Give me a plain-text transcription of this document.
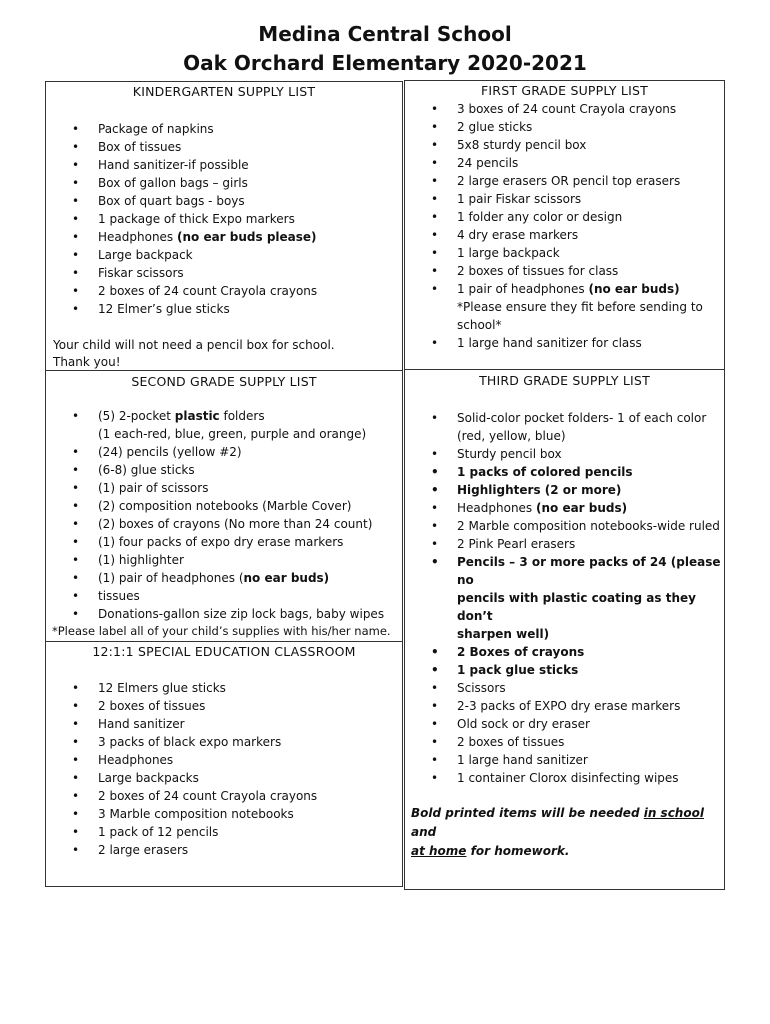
Medina Central School
Oak Orchard Elementary 2020-2021
KINDERGARTEN SUPPLY LIST
• Package of napkins
• Box of tissues
• Hand sanitizer-if possible
• Box of gallon bags – girls
• Box of quart bags - boys
• 1 package of thick Expo markers
• Headphones (no ear buds please)
• Large backpack
• Fiskar scissors
• 2 boxes of 24 count Crayola crayons
• 12 Elmer’s glue sticks
Your child will not need a pencil box for school.
Thank you!
FIRST GRADE SUPPLY LIST
• 3 boxes of 24 count Crayola crayons
• 2 glue sticks
• 5x8 sturdy pencil box
• 24 pencils
• 2 large erasers OR pencil top erasers
• 1 pair Fiskar scissors
• 1 folder any color or design
• 4 dry erase markers
• 1 large backpack
• 2 boxes of tissues for class
• 1 pair of headphones (no ear buds)
*Please ensure they fit before sending to
school*
• 1 large hand sanitizer for class
SECOND GRADE SUPPLY LIST
• (5) 2-pocket plastic folders
(1 each-red, blue, green, purple and orange)
• (24) pencils (yellow #2)
• (6-8) glue sticks
• (1) pair of scissors
• (2) composition notebooks (Marble Cover)
• (2) boxes of crayons (No more than 24 count)
• (1) four packs of expo dry erase markers
• (1) highlighter
• (1) pair of headphones (no ear buds)
• tissues
• Donations-gallon size zip lock bags, baby wipes
*Please label all of your child’s supplies with his/her name.
12:1:1 SPECIAL EDUCATION CLASSROOM
• 12 Elmers glue sticks
• 2 boxes of tissues
• Hand sanitizer
• 3 packs of black expo markers
• Headphones
• Large backpacks
• 2 boxes of 24 count Crayola crayons
• 3 Marble composition notebooks
• 1 pack of 12 pencils
• 2 large erasers
THIRD GRADE SUPPLY LIST
• Solid-color pocket folders- 1 of each color
(red, yellow, blue)
• Sturdy pencil box
• 1 packs of colored pencils
• Highlighters (2 or more)
• Headphones (no ear buds)
• 2 Marble composition notebooks-wide ruled
• 2 Pink Pearl erasers
• Pencils – 3 or more packs of 24 (please no
pencils with plastic coating as they don’t
sharpen well)
• 2 Boxes of crayons
• 1 pack glue sticks
• Scissors
• 2-3 packs of EXPO dry erase markers
• Old sock or dry eraser
• 2 boxes of tissues
• 1 large hand sanitizer
• 1 container Clorox disinfecting wipes
Bold printed items will be needed in school and
at home for homework.
